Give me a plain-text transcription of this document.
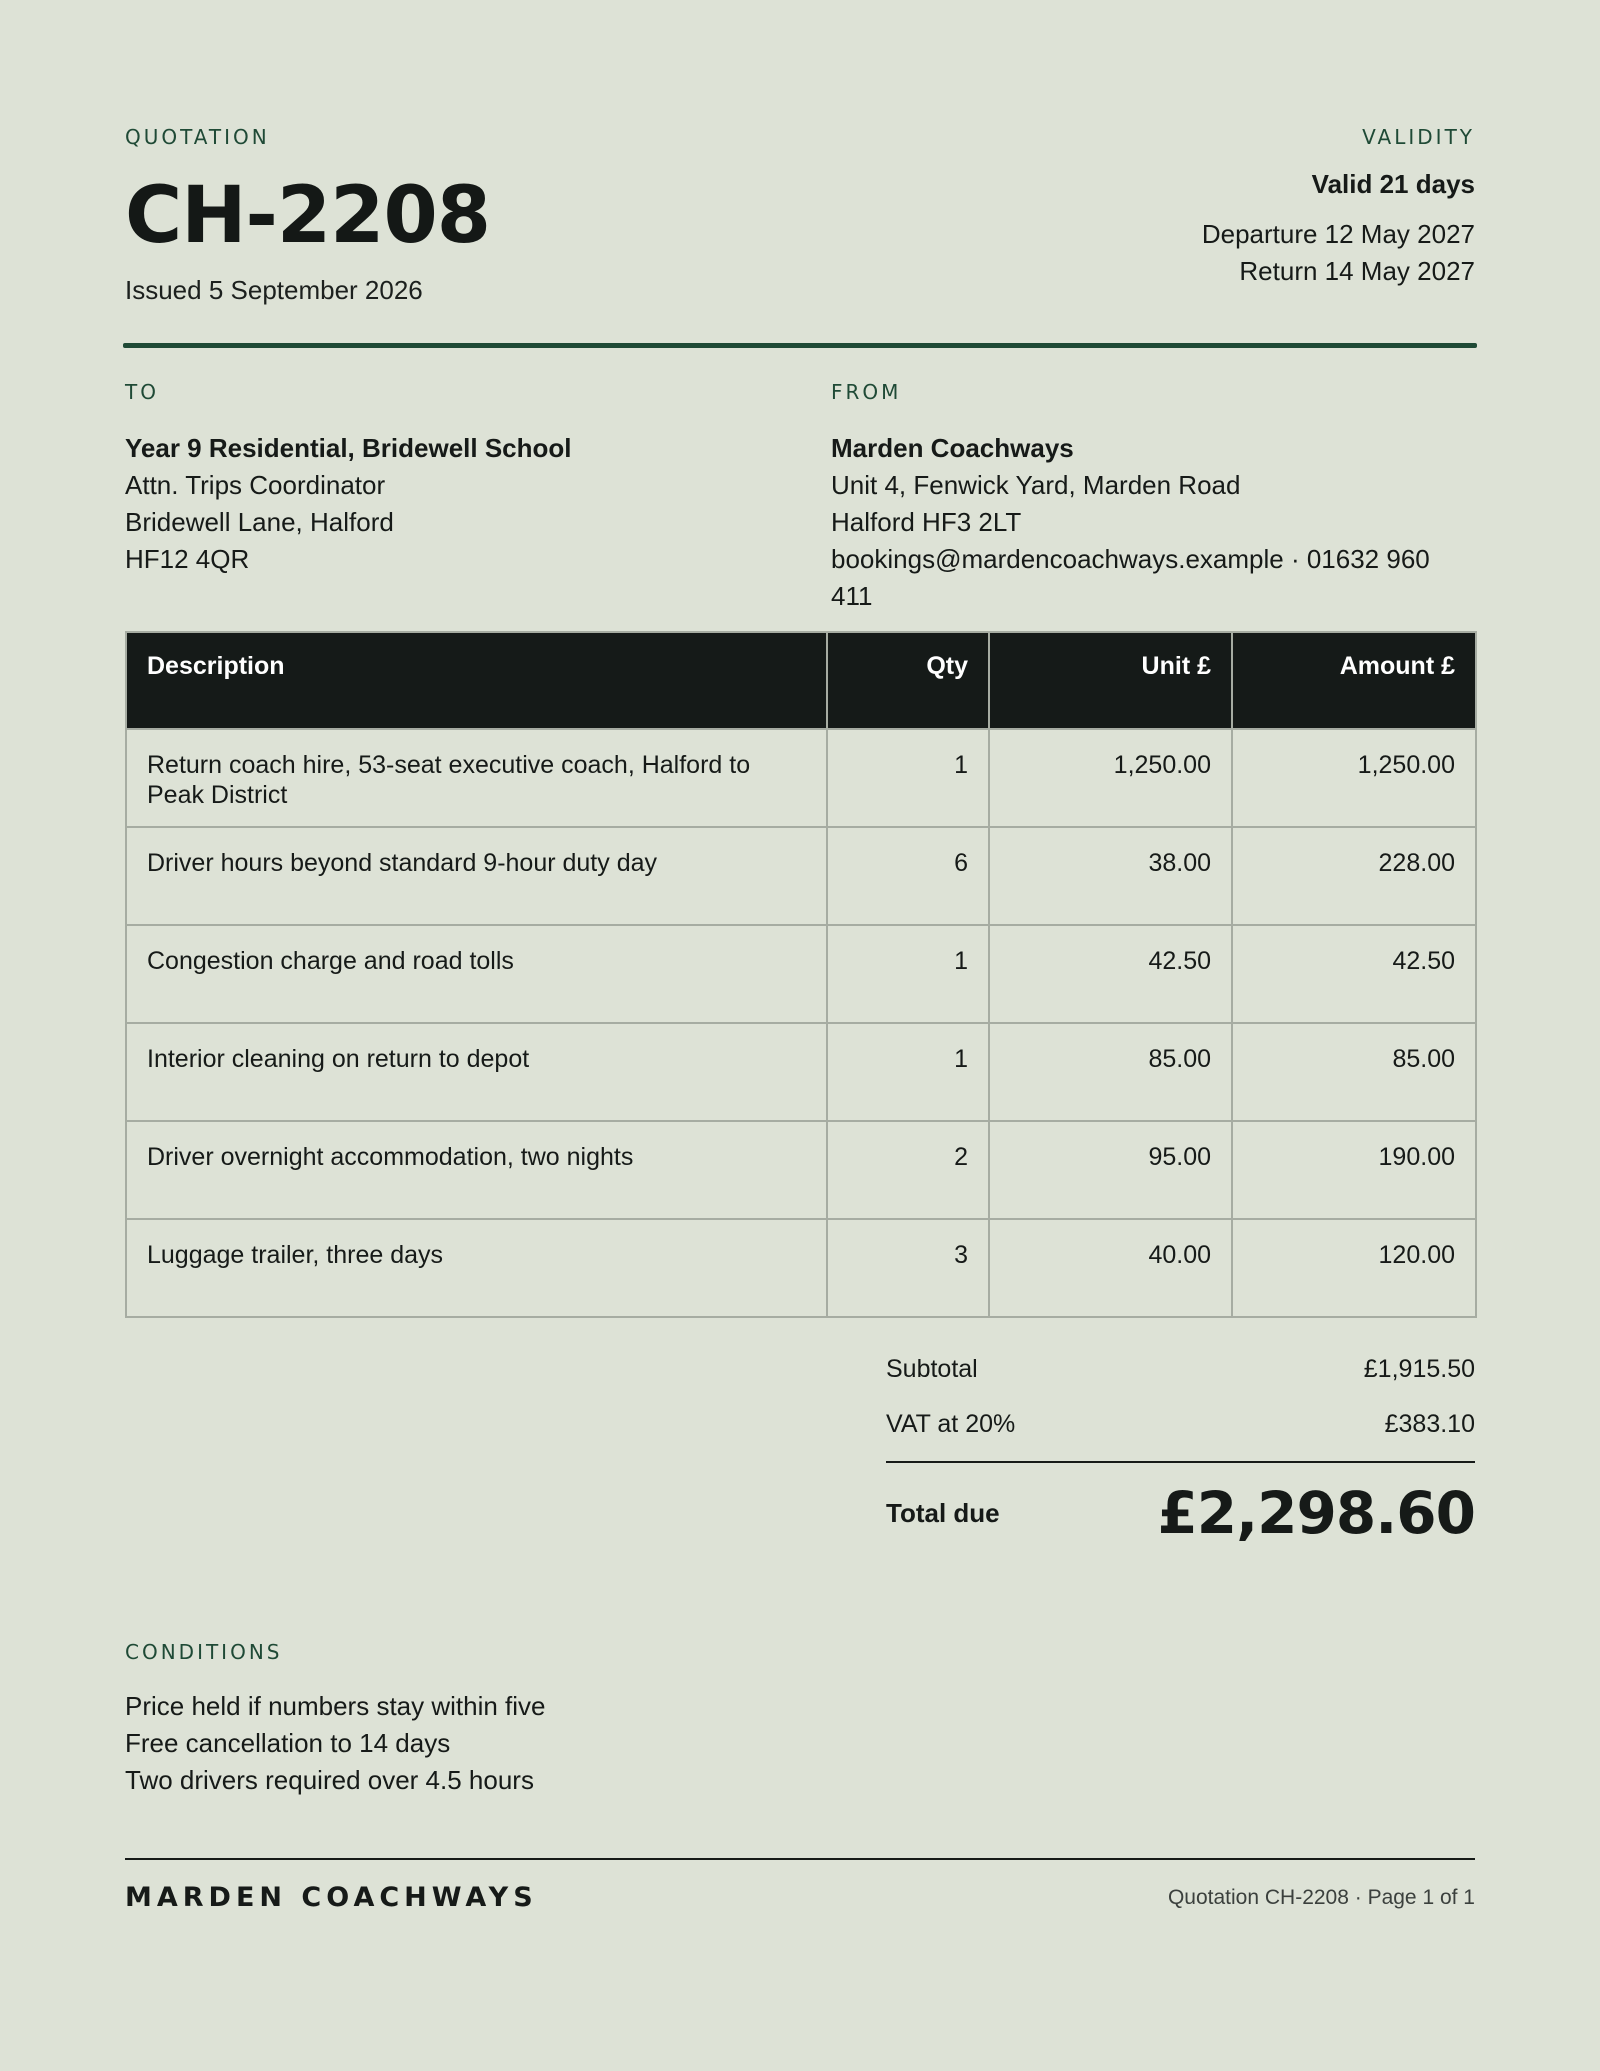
QUOTATION
CH-2208
Issued 5 September 2026
VALIDITY
Valid 21 days
Departure 12 May 2027
Return 14 May 2027
TO
Year 9 Residential, Bridewell School
Attn. Trips Coordinator
Bridewell Lane, Halford
HF12 4QR
FROM
Marden Coachways
Unit 4, Fenwick Yard, Marden Road
Halford HF3 2LT
bookings@mardencoachways.example · 01632 960 411
Description	Qty	Unit £	Amount £
Return coach hire, 53-seat executive coach, Halford to Peak District	1	1,250.00	1,250.00
Driver hours beyond standard 9-hour duty day	6	38.00	228.00
Congestion charge and road tolls	1	42.50	42.50
Interior cleaning on return to depot	1	85.00	85.00
Driver overnight accommodation, two nights	2	95.00	190.00
Luggage trailer, three days	3	40.00	120.00
Subtotal	£1,915.50
VAT at 20%	£383.10
Total due	£2,298.60
CONDITIONS
Price held if numbers stay within five
Free cancellation to 14 days
Two drivers required over 4.5 hours
MARDEN COACHWAYS	Quotation CH-2208 · Page 1 of 1
